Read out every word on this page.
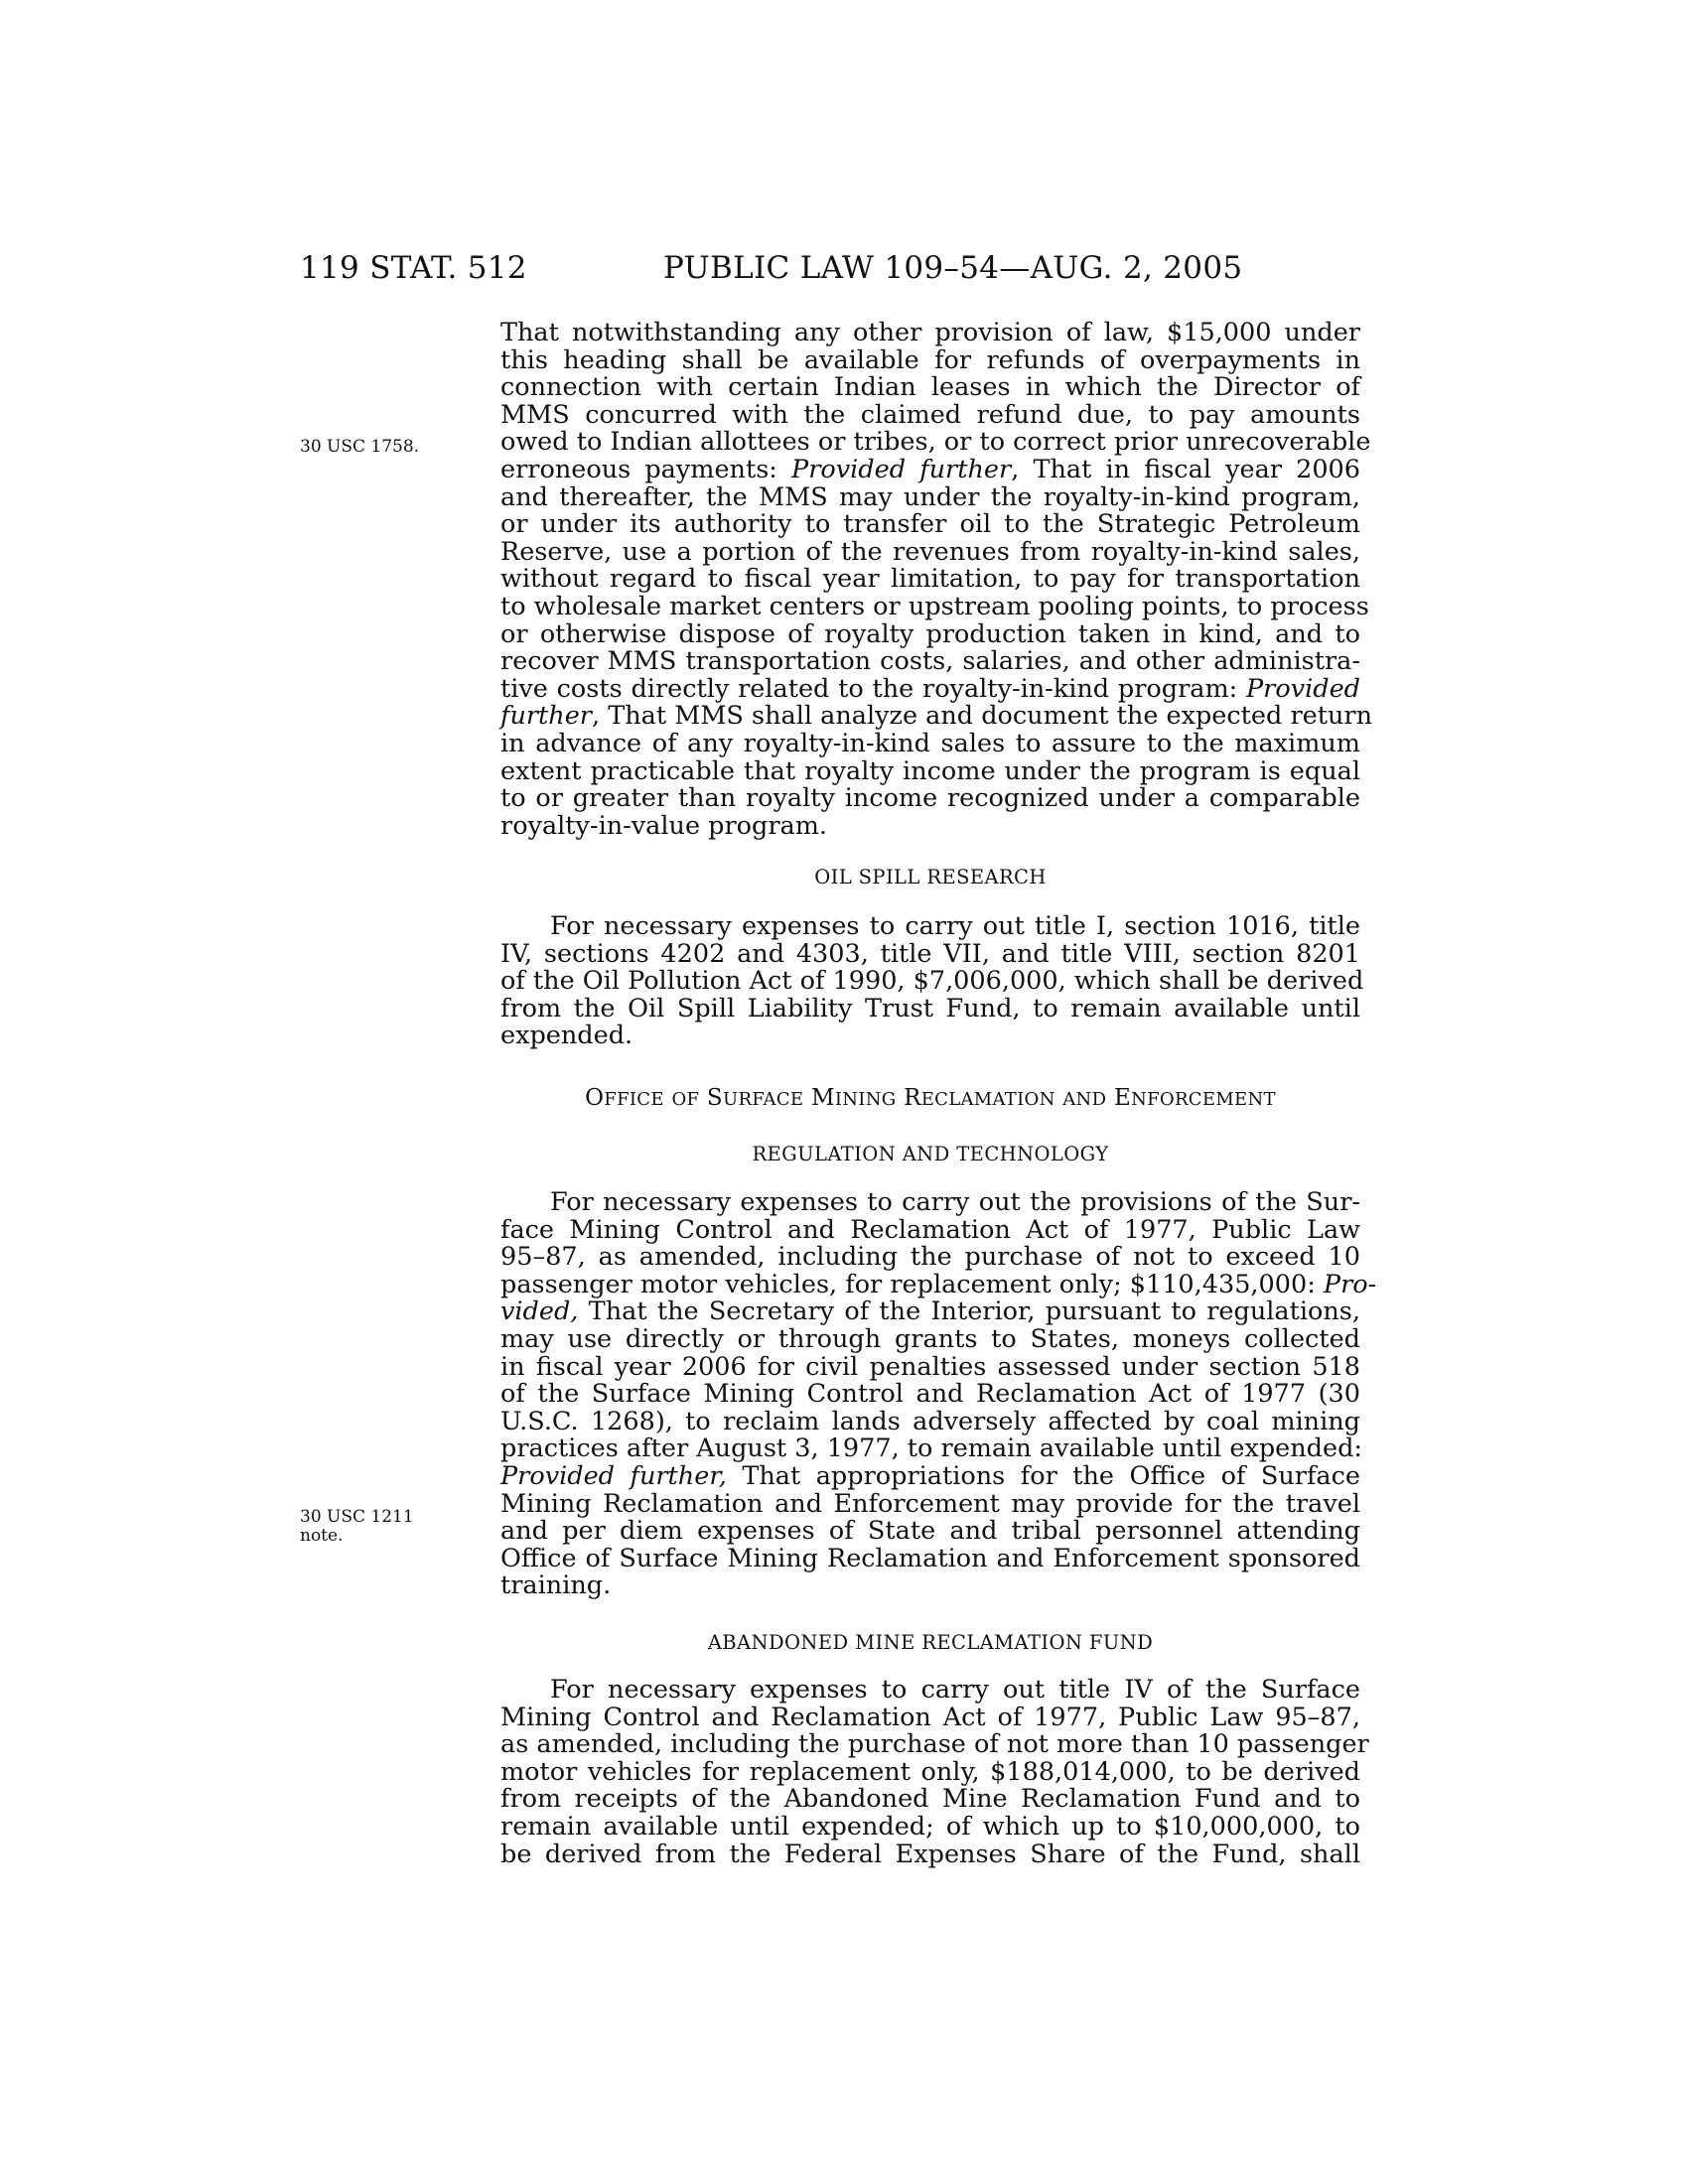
119 STAT. 512	PUBLIC LAW 109–54—AUG. 2, 2005
30 USC 1758.
30 USC 1211
note.
That notwithstanding any other provision of law, $15,000 under
this heading shall be available for refunds of overpayments in
connection with certain Indian leases in which the Director of
MMS concurred with the claimed refund due, to pay amounts
owed to Indian allottees or tribes, or to correct prior unrecoverable
erroneous payments: Provided further, That in fiscal year 2006
and thereafter, the MMS may under the royalty-in-kind program,
or under its authority to transfer oil to the Strategic Petroleum
Reserve, use a portion of the revenues from royalty-in-kind sales,
without regard to fiscal year limitation, to pay for transportation
to wholesale market centers or upstream pooling points, to process
or otherwise dispose of royalty production taken in kind, and to
recover MMS transportation costs, salaries, and other administra-
tive costs directly related to the royalty-in-kind program: Provided
further, That MMS shall analyze and document the expected return
in advance of any royalty-in-kind sales to assure to the maximum
extent practicable that royalty income under the program is equal
to or greater than royalty income recognized under a comparable
royalty-in-value program.
OIL SPILL RESEARCH
For necessary expenses to carry out title I, section 1016, title
IV, sections 4202 and 4303, title VII, and title VIII, section 8201
of the Oil Pollution Act of 1990, $7,006,000, which shall be derived
from the Oil Spill Liability Trust Fund, to remain available until
expended.
OFFICE OF SURFACE MINING RECLAMATION AND ENFORCEMENT
REGULATION AND TECHNOLOGY
For necessary expenses to carry out the provisions of the Sur-
face Mining Control and Reclamation Act of 1977, Public Law
95–87, as amended, including the purchase of not to exceed 10
passenger motor vehicles, for replacement only; $110,435,000: Pro-
vided, That the Secretary of the Interior, pursuant to regulations,
may use directly or through grants to States, moneys collected
in fiscal year 2006 for civil penalties assessed under section 518
of the Surface Mining Control and Reclamation Act of 1977 (30
U.S.C. 1268), to reclaim lands adversely affected by coal mining
practices after August 3, 1977, to remain available until expended:
Provided further, That appropriations for the Office of Surface
Mining Reclamation and Enforcement may provide for the travel
and per diem expenses of State and tribal personnel attending
Office of Surface Mining Reclamation and Enforcement sponsored
training.
ABANDONED MINE RECLAMATION FUND
For necessary expenses to carry out title IV of the Surface
Mining Control and Reclamation Act of 1977, Public Law 95–87,
as amended, including the purchase of not more than 10 passenger
motor vehicles for replacement only, $188,014,000, to be derived
from receipts of the Abandoned Mine Reclamation Fund and to
remain available until expended; of which up to $10,000,000, to
be derived from the Federal Expenses Share of the Fund, shall
